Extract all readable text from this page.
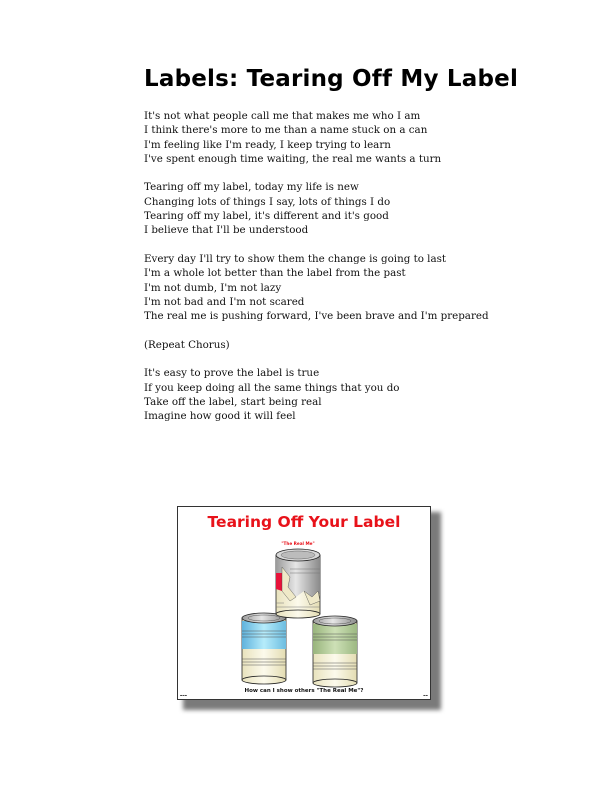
Labels: Tearing Off My Label
It's not what people call me that makes me who I am
I think there's more to me than a name stuck on a can
I'm feeling like I'm ready, I keep trying to learn
I've spent enough time waiting, the real me wants a turn
Tearing off my label, today my life is new
Changing lots of things I say, lots of things I do
Tearing off my label, it's different and it's good
I believe that I'll be understood
Every day I'll try to show them the change is going to last
I'm a whole lot better than the label from the past
I'm not dumb, I'm not lazy
I'm not bad and I'm not scared
The real me is pushing forward, I've been brave and I'm prepared
(Repeat Chorus)
It's easy to prove the label is true
If you keep doing all the same things that you do
Take off the label, start being real
Imagine how good it will feel
Tearing Off Your Label
"The Real Me"
How can I show others "The Real Me"?
▬▬▬	▬▬
